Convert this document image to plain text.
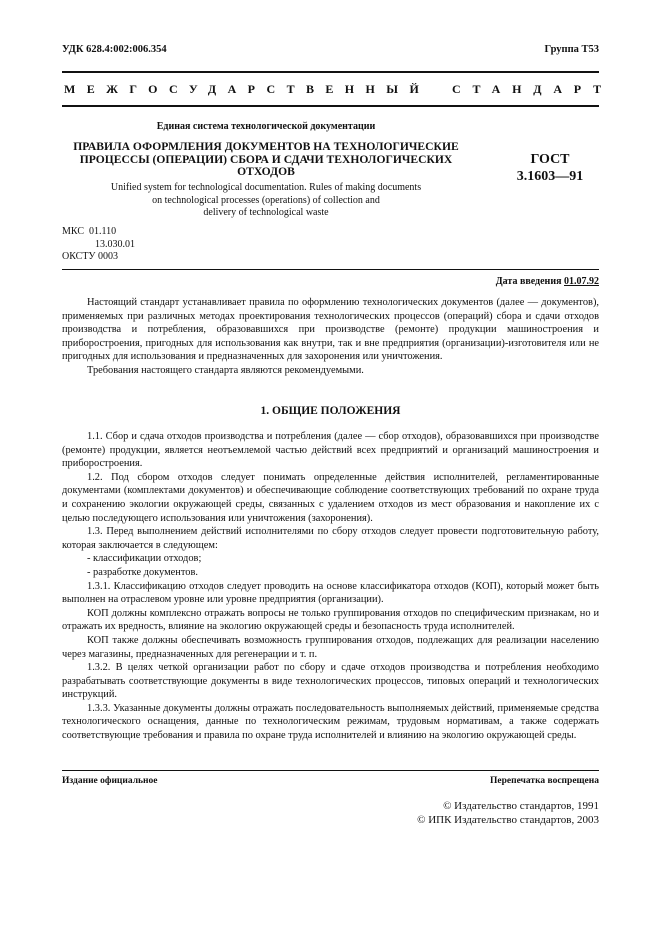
УДК 628.4:002:006.354	Группа Т53
МЕЖГОСУДАРСТВЕННЫЙ СТАНДАРТ
Единая система технологической документации
ПРАВИЛА ОФОРМЛЕНИЯ ДОКУМЕНТОВ НА ТЕХНОЛОГИЧЕСКИЕ
ПРОЦЕССЫ (ОПЕРАЦИИ) СБОРА И СДАЧИ ТЕХНОЛОГИЧЕСКИХ
ОТХОДОВ
Unified system for technological documentation. Rules of making documents
on technological processes (operations) of collection and
delivery of technological waste
ГОСТ
3.1603—91
МКС 01.110
13.030.01
ОКСТУ 0003
Дата введения 01.07.92

Настоящий стандарт устанавливает правила по оформлению технологических документов (далее — документов), применяемых при различных методах проектирования технологических процессов (операций) сбора и сдачи отходов производства и потребления, образовавшихся при производстве (ремонте) продукции машиностроения и приборостроения, пригодных для использования как внутри, так и вне предприятия (организации)-изготовителя или не пригодных для использования и предназначенных для захоронения или уничтожения.

Требования настоящего стандарта являются рекомендуемыми.

1. ОБЩИЕ ПОЛОЖЕНИЯ

1.1. Сбор и сдача отходов производства и потребления (далее — сбор отходов), образовавшихся при производстве (ремонте) продукции, является неотъемлемой частью действий всех предприятий и организаций машиностроения и приборостроения.

1.2. Под сбором отходов следует понимать определенные действия исполнителей, регламентированные документами (комплектами документов) и обеспечивающие соблюдение соответствующих требований по охране труда и сохранению экологии окружающей среды, связанных с удалением отходов из мест образования и накопление их с целью последующего использования или уничтожения (захоронения).

1.3. Перед выполнением действий исполнителями по сбору отходов следует провести подготовительную работу, которая заключается в следующем:

- классификации отходов;

- разработке документов.

1.3.1. Классификацию отходов следует проводить на основе классификатора отходов (КОП), который может быть выполнен на отраслевом уровне или уровне предприятия (организации).

КОП должны комплексно отражать вопросы не только группирования отходов по специфическим признакам, но и отражать их вредность, влияние на экологию окружающей среды и безопасность труда исполнителей.

КОП также должны обеспечивать возможность группирования отходов, подлежащих для реализации населению через магазины, предназначенных для регенерации и т. п.

1.3.2. В целях четкой организации работ по сбору и сдаче отходов производства и потребления необходимо разрабатывать соответствующие документы в виде технологических процессов, типовых операций и технологических инструкций.

1.3.3. Указанные документы должны отражать последовательность выполняемых действий, применяемые средства технологического оснащения, данные по технологическим режимам, трудовым нормативам, а также содержать соответствующие требования и правила по охране труда исполнителей и влиянию на экологию окружающей среды.

Издание официальное	Перепечатка воспрещена
© Издательство стандартов, 1991
© ИПК Издательство стандартов, 2003
